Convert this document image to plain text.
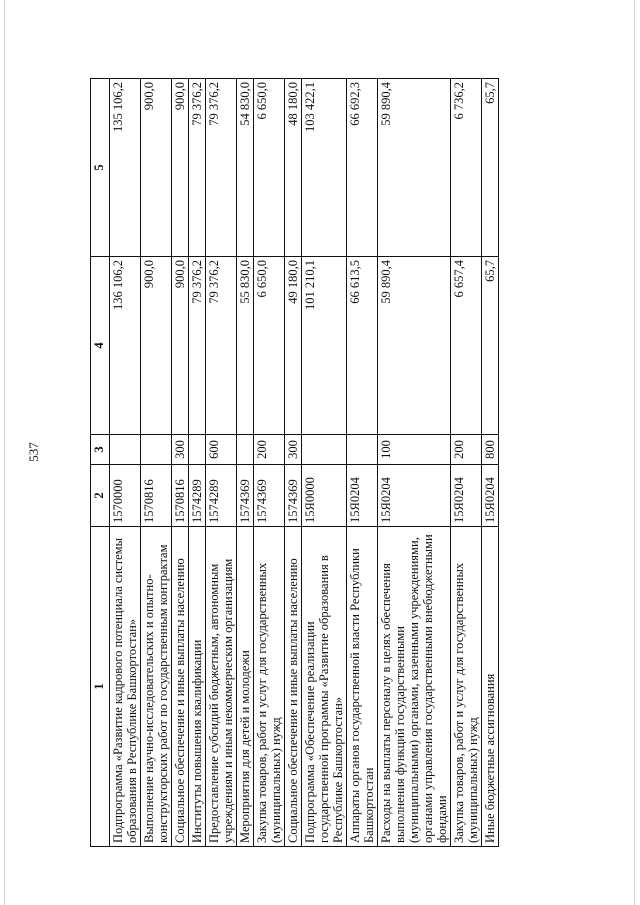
537
1	2	3	4	5
Подпрограмма «Развитие кадрового потенциала системы образования в Республике Башкортостан»	1570000		136 106,2	135 106,2
Выполнение научно-исследовательских и опытно-конструкторских работ по государственным контрактам	1570816		900,0	900,0
Социальное обеспечение и иные выплаты населению	1570816	300	900,0	900,0
Институты повышения квалификации	1574289		79 376,2	79 376,2
Предоставление субсидий бюджетным, автономным учреждениям и иным некоммерческим организациям	1574289	600	79 376,2	79 376,2
Мероприятия для детей и молодежи	1574369		55 830,0	54 830,0
Закупка товаров, работ и услуг для государственных (муниципальных) нужд	1574369	200	6 650,0	6 650,0
Социальное обеспечение и иные выплаты населению	1574369	300	49 180,0	48 180,0
Подпрограмма «Обеспечение реализации государственной программы «Развитие образования в Республике Башкортостан»	15Я0000		101 210,1	103 422,1
Аппараты органов государственной власти Республики Башкортостан	15Я0204		66 613,5	66 692,3
Расходы на выплаты персоналу в целях обеспечения выполнения функций государственными (муниципальными) органами, казенными учреждениями, органами управления государственными внебюджетными фондами	15Я0204	100	59 890,4	59 890,4
Закупка товаров, работ и услуг для государственных (муниципальных) нужд	15Я0204	200	6 657,4	6 736,2
Иные бюджетные ассигнования	15Я0204	800	65,7	65,7
